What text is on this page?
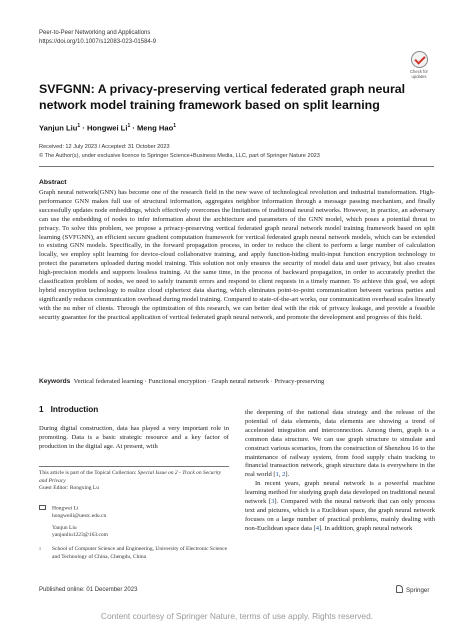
Peer-to-Peer Networking and Applications
https://doi.org/10.1007/s12083-023-01584-9
Check for updates
SVFGNN: A privacy-preserving vertical federated graph neural network model training framework based on split learning
Yanjun Liu$^1$ · Hongwei $Li^1$ · Meng Hao$^1$
Received: 12 July 2023 / Accepted: 31 October 2023
© The Author(s), under exclusive licence to Springer Science+Business Media, LLC, part of Springer Nature 2023
Abstract
Graph neural network(GNN) has become one of the research field in the new wave of technological revolution and industrial transformation. High-performance GNN makes full use of structural information, aggregates neighbor information through a message passing mechanism, and finally successfully updates node embeddings, which effectively overcomes the limitations of traditional neural networks. However, in practice, an adversary can use the embedding of nodes to infer information about the architecture and parameters of the GNN model, which poses a potential threat to privacy. To solve this problem, we propose a privacy-preserving vertical federated graph neural network model training framework based on split learning (SVFGNN), an efficient secure gradient computation framework for vertical federated graph neural network models, which can be extended to existing GNN models. Specifically, in the forward propagation process, in order to reduce the client to perform a large number of calculation locally, we employ split learning for device-cloud collaborative training, and apply function-hiding multi-input function encryption technology to protect the parameters uploaded during model training. This solution not only ensures the security of model data and user privacy, but also creates high-precision models and supports lossless training. At the same time, in the process of backward propagation, in order to accurately predict the classification problem of nodes, we need to safely transmit errors and respond to client requests in a timely manner. To achieve this goal, we adopt hybrid encryption technology to realize cloud ciphertext data sharing, which eliminates point-to-point communication between various parties and significantly reduces communication overhead during model training. Compared to state-of-the-art works, our communication overhead scales linearly with the nu mber of clients. Through the optimization of this research, we can better deal with the risk of privacy leakage, and provide a feasible security guarantee for the practical application of vertical federated graph neural network, and promote the development and progress of this field.
Keywords Vertical federated learning · Functional encryption · Graph neural network · Privacy-preserving
1 Introduction
During digital construction, data has played a very important role in promoting. Data is a basic strategic resource and a key factor of production in the digital age. At present, with

the deepening of the national data strategy and the release of the potential of data elements, data elements are showing a trend of accelerated integration and interconnection. Among them, graph is a common data structure. We can use graph structure to simulate and construct various scenarios, from the construction of Shenzhou 16 to the maintenance of railway system, from food supply chain tracking to financial transaction network, graph structure data is everywhere in the real world [1, 2].

In recent years, graph neural network is a powerful machine learning method for studying graph data developed on traditional neural network [3]. Compared with the neural network that can only process text and pictures, which is a Euclidean space, the graph neural network focuses on a large number of practical problems, mainly dealing with non-Euclidean space data [4]. In addition, graph neural network

This article is part of the Topical Collection: Special Issue on 2 - Track on Security and Privacy
Guest Editor: Rongxing Lu
Hongwei Li
hongweili@uestc.edu.cn
Yanjun Liu
yanjunliu1223@163.com
1	School of Computer Science and Engineering, University of Electronic Science and Technology of China, Chengdu, China
Published online: 01 December 2023	Springer
Content courtesy of Springer Nature, terms of use apply. Rights reserved.
